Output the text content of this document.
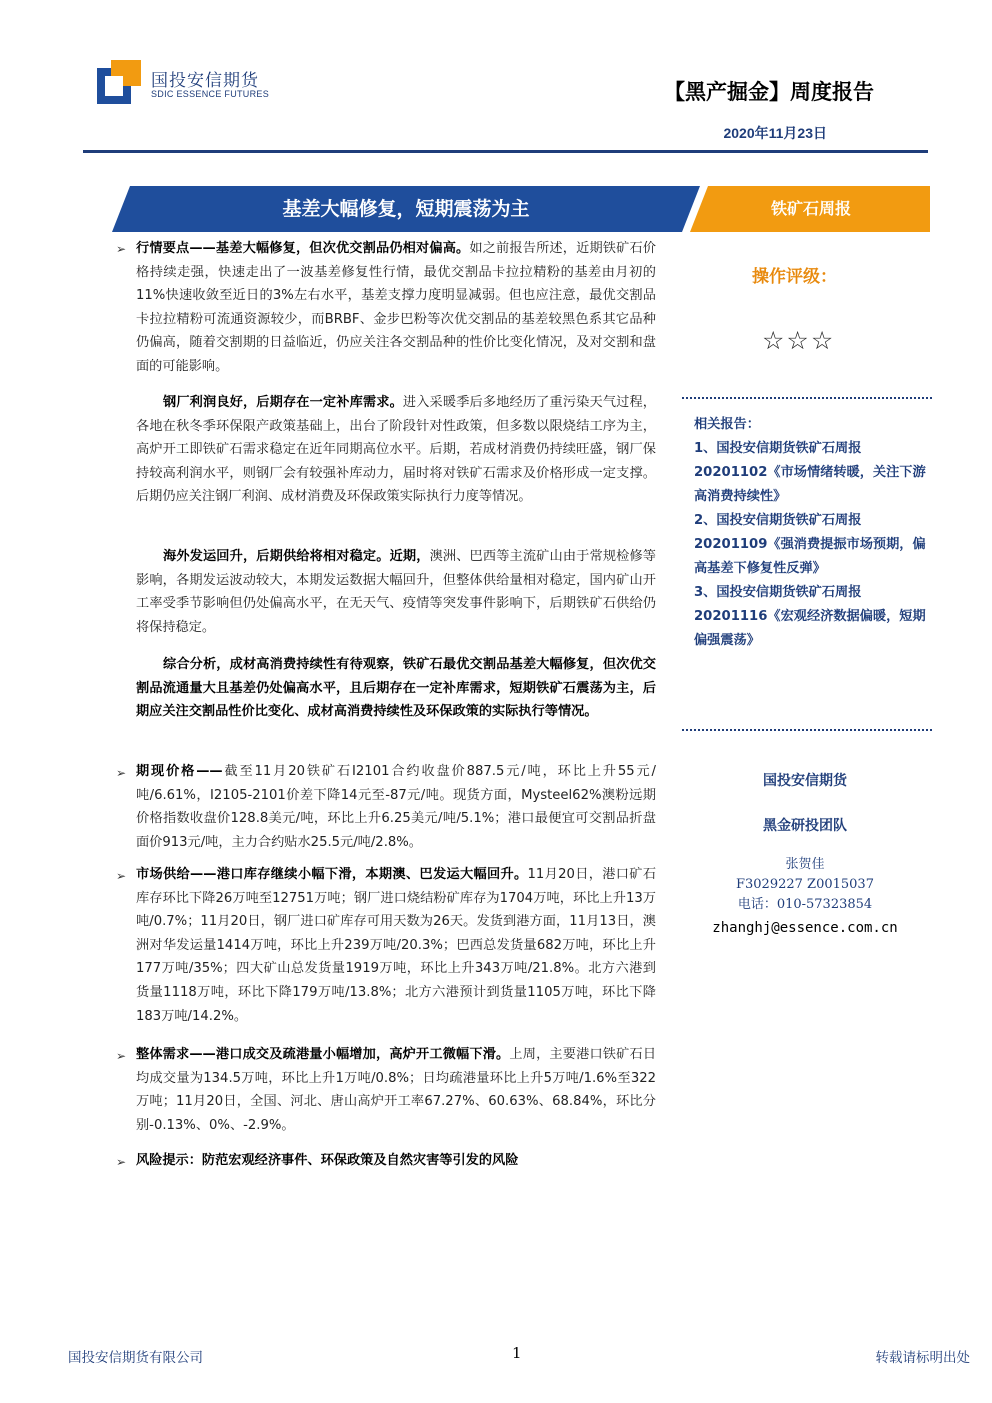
国投安信期货
SDIC ESSENCE FUTURES	【黑产掘金】周度报告
2020年11月23日
基差大幅修复，短期震荡为主	铁矿石周报
➢ 行情要点——基差大幅修复，但次优交割品仍相对偏高。如之前报告所述，近期铁矿石价格持续走强，快速走出了一波基差修复性行情，最优交割品卡拉拉精粉的基差由月初的11%快速收敛至近日的3%左右水平，基差支撑力度明显减弱。但也应注意，最优交割品卡拉拉精粉可流通资源较少，而BRBF、金步巴粉等次优交割品的基差较黑色系其它品种仍偏高，随着交割期的日益临近，仍应关注各交割品种的性价比变化情况，及对交割和盘面的可能影响。
钢厂利润良好，后期存在一定补库需求。进入采暖季后多地经历了重污染天气过程，各地在秋冬季环保限产政策基础上，出台了阶段针对性政策，但多数以限烧结工序为主，高炉开工即铁矿石需求稳定在近年同期高位水平。后期，若成材消费仍持续旺盛，钢厂保持较高利润水平，则钢厂会有较强补库动力，届时将对铁矿石需求及价格形成一定支撑。后期仍应关注钢厂利润、成材消费及环保政策实际执行力度等情况。
海外发运回升，后期供给将相对稳定。近期，澳洲、巴西等主流矿山由于常规检修等影响，各期发运波动较大，本期发运数据大幅回升，但整体供给量相对稳定，国内矿山开工率受季节影响但仍处偏高水平，在无天气、疫情等突发事件影响下，后期铁矿石供给仍将保持稳定。
综合分析，成材高消费持续性有待观察，铁矿石最优交割品基差大幅修复，但次优交割品流通量大且基差仍处偏高水平，且后期存在一定补库需求，短期铁矿石震荡为主，后期应关注交割品性价比变化、成材高消费持续性及环保政策的实际执行等情况。
➢ 期现价格——截至11月20铁矿石I2101合约收盘价887.5元/吨，环比上升55元/吨/6.61%，I2105-2101价差下降14元至-87元/吨。现货方面，Mysteel62%澳粉远期价格指数收盘价128.8美元/吨，环比上升6.25美元/吨/5.1%；港口最便宜可交割品折盘面价913元/吨，主力合约贴水25.5元/吨/2.8%。
➢ 市场供给——港口库存继续小幅下滑，本期澳、巴发运大幅回升。11月20日，港口矿石库存环比下降26万吨至12751万吨；钢厂进口烧结粉矿库存为1704万吨，环比上升13万吨/0.7%；11月20日，钢厂进口矿库存可用天数为26天。发货到港方面，11月13日，澳洲对华发运量1414万吨，环比上升239万吨/20.3%；巴西总发货量682万吨，环比上升177万吨/35%；四大矿山总发货量1919万吨，环比上升343万吨/21.8%。北方六港到货量1118万吨，环比下降179万吨/13.8%；北方六港预计到货量1105万吨，环比下降183万吨/14.2%。
➢ 整体需求——港口成交及疏港量小幅增加，高炉开工微幅下滑。上周，主要港口铁矿石日均成交量为134.5万吨，环比上升1万吨/0.8%；日均疏港量环比上升5万吨/1.6%至322万吨；11月20日，全国、河北、唐山高炉开工率67.27%、60.63%、68.84%，环比分别-0.13%、0%、-2.9%。
➢ 风险提示：防范宏观经济事件、环保政策及自然灾害等引发的风险
操作评级：
☆☆☆

相关报告：

1、国投安信期货铁矿石周报20201102《市场情绪转暖，关注下游高消费持续性》

2、国投安信期货铁矿石周报20201109《强消费提振市场预期，偏高基差下修复性反弹》

3、国投安信期货铁矿石周报20201116《宏观经济数据偏暖，短期偏强震荡》

国投安信期货
黑金研投团队
张贺佳
F3029227 Z0015037
电话：010-57323854
zhanghj@essence.com.cn
国投安信期货有限公司	1	转载请标明出处
